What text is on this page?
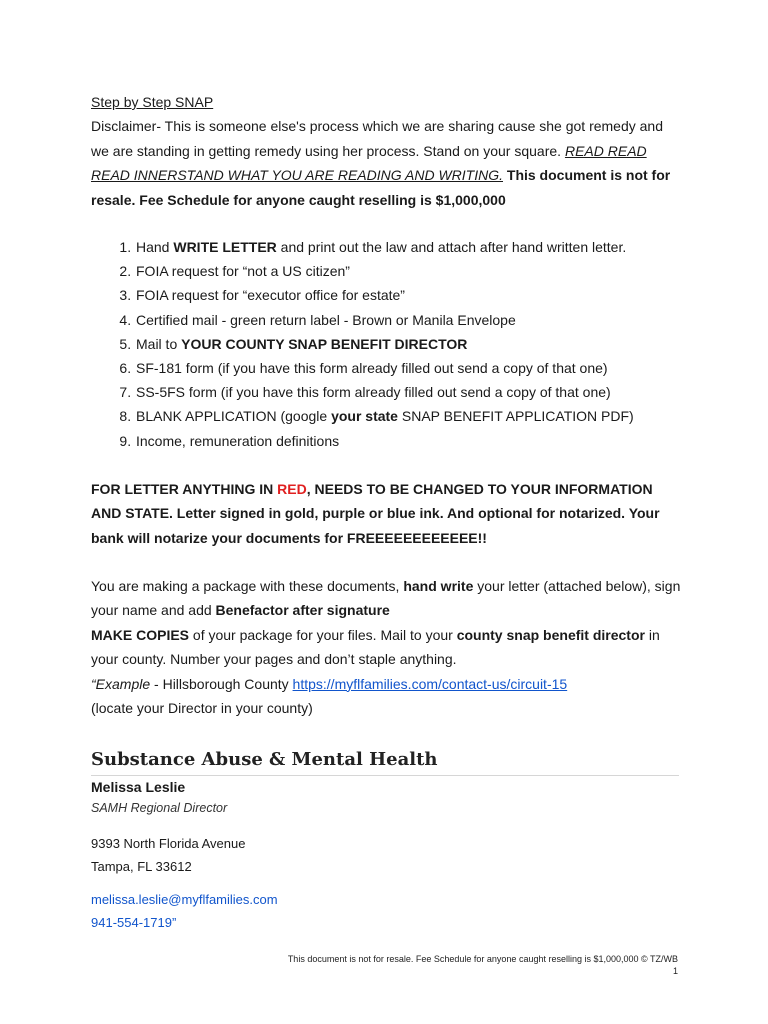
Step by Step SNAP

Disclaimer- This is someone else's process which we are sharing cause she got remedy and we are standing in getting remedy using her process. Stand on your square. READ READ READ INNERSTAND WHAT YOU ARE READING AND WRITING. This document is not for resale. Fee Schedule for anyone caught reselling is $1,000,000

1. Hand WRITE LETTER and print out the law and attach after hand written letter.
2. FOIA request for “not a US citizen”
3. FOIA request for “executor office for estate”
4. Certified mail - green return label - Brown or Manila Envelope
5. Mail to YOUR COUNTY SNAP BENEFIT DIRECTOR
6. SF-181 form (if you have this form already filled out send a copy of that one)
7. SS-5FS form (if you have this form already filled out send a copy of that one)
8. BLANK APPLICATION (google your state SNAP BENEFIT APPLICATION PDF)
9. Income, remuneration definitions

FOR LETTER ANYTHING IN RED, NEEDS TO BE CHANGED TO YOUR INFORMATION AND STATE. Letter signed in gold, purple or blue ink. And optional for notarized. Your bank will notarize your documents for FREEEEEEEEEEEE!!

You are making a package with these documents, hand write your letter (attached below), sign your name and add Benefactor after signature
MAKE COPIES of your package for your files. Mail to your county snap benefit director in your county. Number your pages and don’t staple anything.
“Example - Hillsborough County https://myflfamilies.com/contact-us/circuit-15
(locate your Director in your county)

Substance Abuse & Mental Health
Melissa Leslie
SAMH Regional Director
9393 North Florida Avenue
Tampa, FL 33612
melissa.leslie@myflfamilies.com
941-554-1719”
This document is not for resale. Fee Schedule for anyone caught reselling is $1,000,000 © TZ/WB
1
